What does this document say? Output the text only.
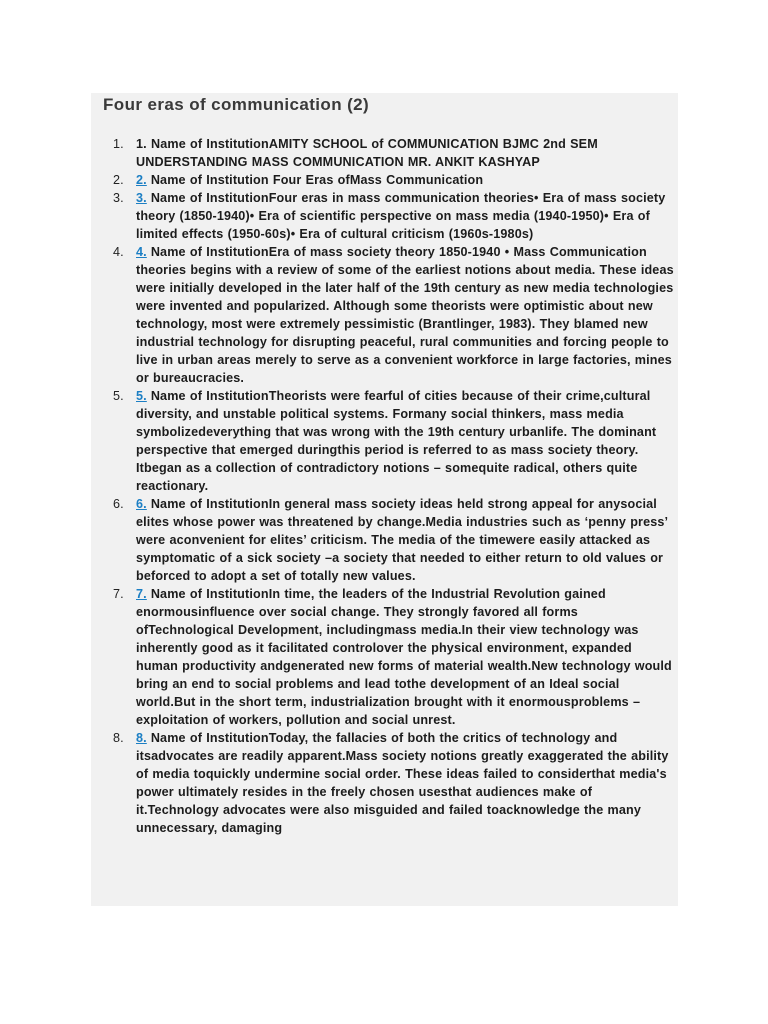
Four eras of communication (2)
1. 1. Name of InstitutionAMITY SCHOOL of COMMUNICATION BJMC 2nd SEM UNDERSTANDING MASS COMMUNICATION MR. ANKIT KASHYAP
2. 2. Name of Institution Four Eras ofMass Communication
3. 3. Name of InstitutionFour eras in mass communication theories• Era of mass society theory (1850-1940)• Era of scientific perspective on mass media (1940-1950)• Era of limited effects (1950-60s)• Era of cultural criticism (1960s-1980s)
4. 4. Name of InstitutionEra of mass society theory 1850-1940 • Mass Communication theories begins with a review of some of the earliest notions about media. These ideas were initially developed in the later half of the 19th century as new media technologies were invented and popularized. Although some theorists were optimistic about new technology, most were extremely pessimistic (Brantlinger, 1983). They blamed new industrial technology for disrupting peaceful, rural communities and forcing people to live in urban areas merely to serve as a convenient workforce in large factories, mines or bureaucracies.
5. 5. Name of InstitutionTheorists were fearful of cities because of their crime,cultural diversity, and unstable political systems. Formany social thinkers, mass media symbolizedeverything that was wrong with the 19th century urbanlife. The dominant perspective that emerged duringthis period is referred to as mass society theory. Itbegan as a collection of contradictory notions – somequite radical, others quite reactionary.
6. 6. Name of InstitutionIn general mass society ideas held strong appeal for anysocial elites whose power was threatened by change.Media industries such as ‘penny press’ were aconvenient for elites’ criticism. The media of the timewere easily attacked as symptomatic of a sick society –a society that needed to either return to old values or beforced to adopt a set of totally new values.
7. 7. Name of InstitutionIn time, the leaders of the Industrial Revolution gained enormousinfluence over social change. They strongly favored all forms ofTechnological Development, includingmass media.In their view technology was inherently good as it facilitated controlover the physical environment, expanded human productivity andgenerated new forms of material wealth.New technology would bring an end to social problems and lead tothe development of an Ideal social world.But in the short term, industrialization brought with it enormousproblems – exploitation of workers, pollution and social unrest.
8. 8. Name of InstitutionToday, the fallacies of both the critics of technology and itsadvocates are readily apparent.Mass society notions greatly exaggerated the ability of media toquickly undermine social order. These ideas failed to considerthat media's power ultimately resides in the freely chosen usesthat audiences make of it.Technology advocates were also misguided and failed toacknowledge the many unnecessary, damaging
